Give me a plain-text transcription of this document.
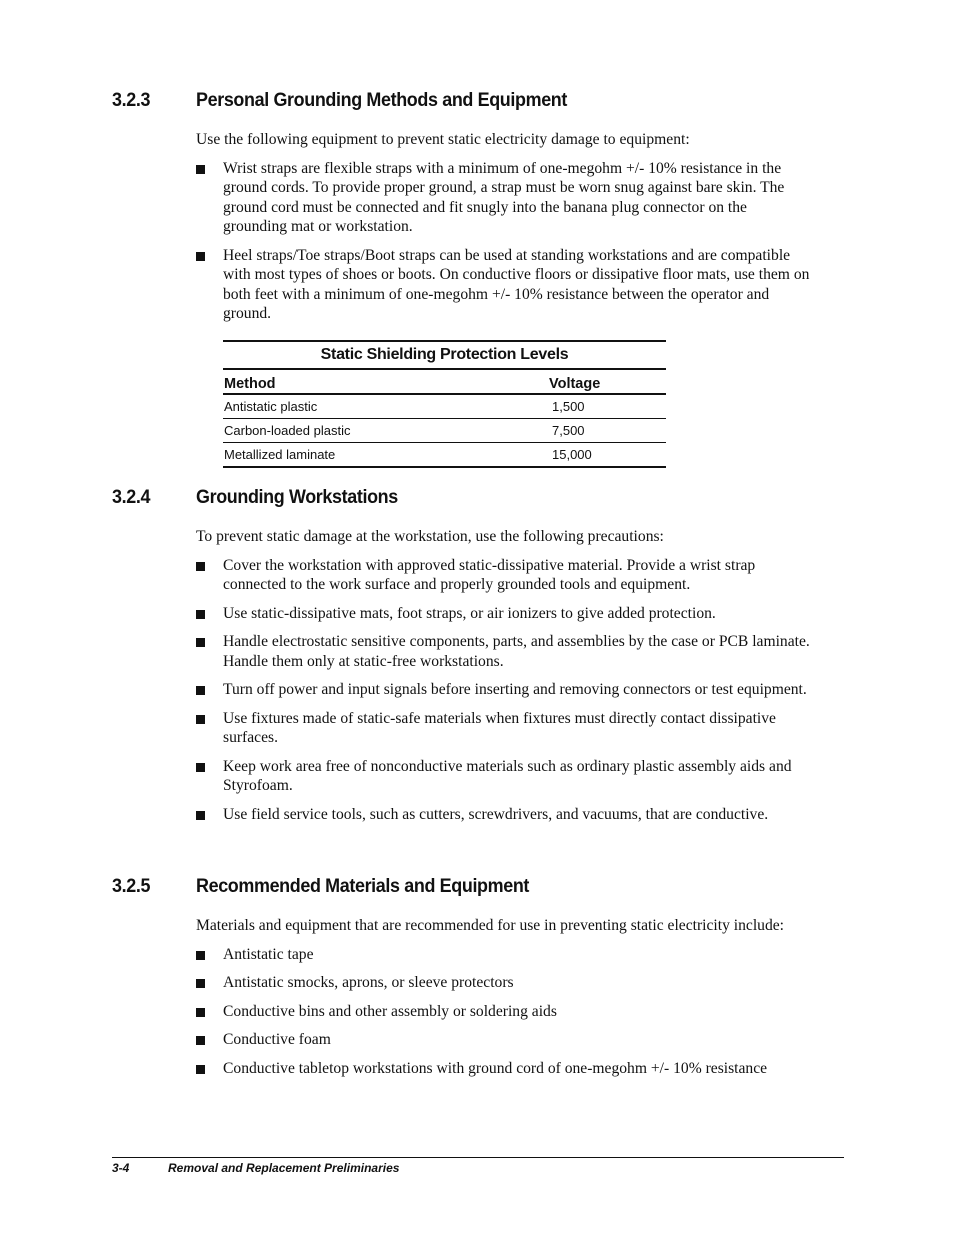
3.2.3	Personal Grounding Methods and Equipment

Use the following equipment to prevent static electricity damage to equipment:

Wrist straps are flexible straps with a minimum of one-megohm +/- 10% resistance in the ground cords. To provide proper ground, a strap must be worn snug against bare skin. The ground cord must be connected and fit snugly into the banana plug connector on the grounding mat or workstation.
Heel straps/Toe straps/Boot straps can be used at standing workstations and are compatible with most types of shoes or boots. On conductive floors or dissipative floor mats, use them on both feet with a minimum of one-megohm +/- 10% resistance between the operator and ground.
Static Shielding Protection Levels
Method	Voltage
Antistatic plastic	1,500
Carbon-loaded plastic	7,500
Metallized laminate	15,000
3.2.4	Grounding Workstations

To prevent static damage at the workstation, use the following precautions:

Cover the workstation with approved static-dissipative material. Provide a wrist strap connected to the work surface and properly grounded tools and equipment.
Use static-dissipative mats, foot straps, or air ionizers to give added protection.
Handle electrostatic sensitive components, parts, and assemblies by the case or PCB laminate. Handle them only at static-free workstations.
Turn off power and input signals before inserting and removing connectors or test equipment.
Use fixtures made of static-safe materials when fixtures must directly contact dissipative surfaces.
Keep work area free of nonconductive materials such as ordinary plastic assembly aids and Styrofoam.
Use field service tools, such as cutters, screwdrivers, and vacuums, that are conductive.
3.2.5	Recommended Materials and Equipment

Materials and equipment that are recommended for use in preventing static electricity include:

Antistatic tape
Antistatic smocks, aprons, or sleeve protectors
Conductive bins and other assembly or soldering aids
Conductive foam
Conductive tabletop workstations with ground cord of one-megohm +/- 10% resistance
3-4	Removal and Replacement Preliminaries
